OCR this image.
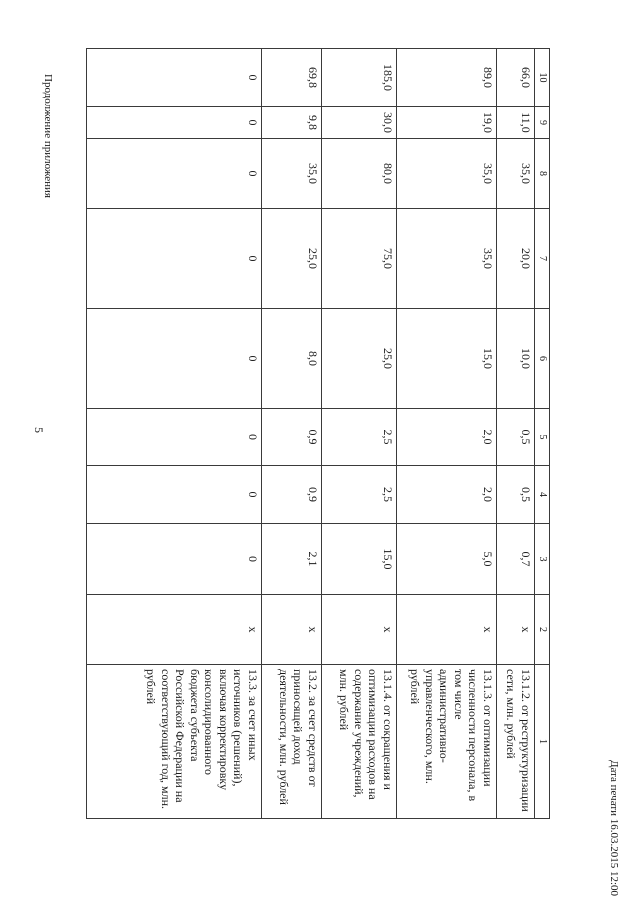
5
Продолжение приложения
Дата печати 16.03.2015 12:00
10	9	8	7	6	5	4	3	2	1
66,0	11,0	35,0	20,0	10,0	0,5	0,5	0,7	х	13.1.2. от реструктуризации сети, млн. рублей
89,0	19,0	35,0	35,0	15,0	2,0	2,0	5,0	х	13.1.3. от оптимизации численности персонала, в том числе административно-управленческого, млн. рублей
185,0	30,0	80,0	75,0	25,0	2,5	2,5	15,0	х	13.1.4. от сокращения и оптимизации расходов на содержание учреждений, млн. рублей
69,8	9,8	35,0	25,0	8,0	0,9	0,9	2,1	х	13.2. за счет средств от приносящей доход деятельности, млн. рублей
0	0	0	0	0	0	0	0	х	13.3. за счет иных источников (решений), включая корректировку консолидированного бюджета субъекта Российской Федерации на соответствующий год, млн. рублей
